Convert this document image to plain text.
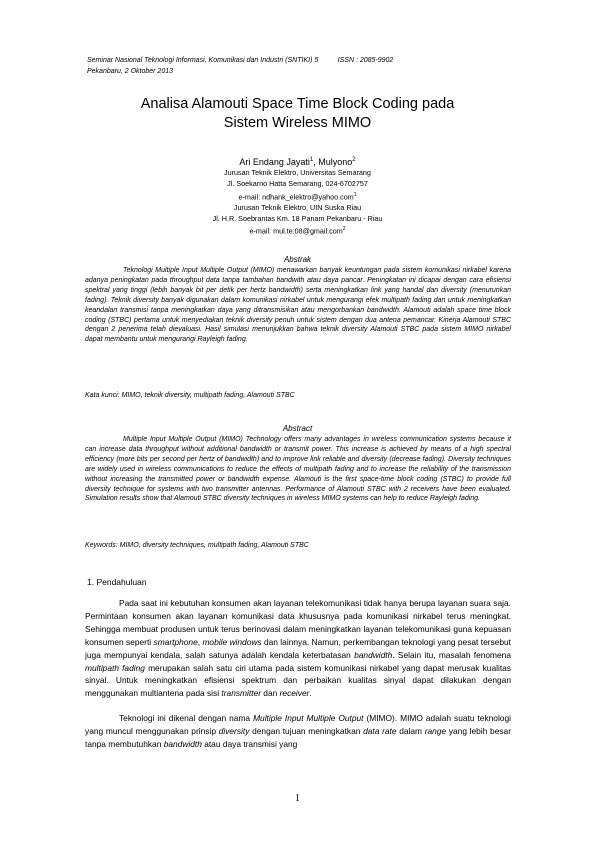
Seminar Nasional Teknologi Informasi, Komunikasi dan Industri (SNTIKI) 5          ISSN : 2085-9902
Pekanbaru, 2 Oktober 2013
Analisa Alamouti Space Time Block Coding pada
Sistem Wireless MIMO
Ari Endang Jayati$^1$, Mulyono$^2$
Jurusan Teknik Elektro, Universitas Semarang
Jl. Soekarno Hatta Semarang, 024-6702757
e-mail: ndhank_elektro@yahoo.com$^1$
Jurusan Teknik Elektro, UIN Suska Riau
Jl. H.R. Soebrantas Km. 18 Panam Pekanbaru - Riau
e-mail: mul.te.08@gmail.com$^2$
Abstrak

Teknologi Multiple Input Multiple Output (MIMO) menawarkan banyak keuntungan pada sistem komunikasi nirkabel karena adanya peningkatan pada throughput data tanpa tambahan bandwith atau daya pancar. Peningkatan ini dicapai dengan cara efisiensi spektral yang tinggi (lebih banyak bit per detik per hertz bandwidth) serta meningkatkan link yang handal dan diversity (menurunkan fading). Teknik diversity banyak digunakan dalam komunikasi nirkabel untuk mengurangi efek multipath fading dan untuk meningkatkan keandalan transmisi tanpa meningkatkan daya yang ditransmisikan atau mengorbankan bandwidth. Alamouti adalah space time block coding (STBC) pertama untuk menyediakan teknik diversity penuh untuk sistem dengan dua antena pemancar. Kinerja Alamouti STBC dengan 2 penerima telah dievaluasi. Hasil simulasi menunjukkan bahwa teknik diversity Alamouti STBC pada sistem MIMO nirkabel dapat membantu untuk mengurangi Rayleigh fading.

Kata kunci: MIMO, teknik diversity, multipath fading, Alamouti STBC
Abstract

Multiple Input Multiple Output (MIMO) Technology offers many advantages in wireless communication systems because it can increase data throughput without additional bandwidth or transmit power. This increase is achieved by means of a high spectral efficiency (more bits per second per hertz of bandwidth) and to improve link reliable and diversity (decrease fading). Diversity techniques are widely used in wireless communications to reduce the effects of multipath fading and to increase the reliability of the transmission without increasing the transmitted power or bandwidth expense. Alamouti is the first space-time block coding (STBC) to provide full diversity technique for systems with two transmitter antennas. Performance of Alamouti STBC with 2 receivers have been evaluated. Simulation results show that Alamouti STBC diversity techniques in wireless MIMO systems can help to reduce Rayleigh fading.

Keywords: MIMO, diversity techniques, multipath fading, Alamouti STBC
1. Pendahuluan

Pada saat ini kebutuhan konsumen akan layanan telekomunikasi tidak hanya berupa layanan suara saja. Permintaan konsumen akan layanan komunikasi data khususnya pada komunikasi nirkabel terus meningkat. Sehingga membuat produsen untuk terus berinovasi dalam meningkatkan layanan telekomunikasi guna kepuasan konsumen seperti smartphone, mobile windows dan lainnya. Namun, perkembangan teknologi yang pesat tersebut juga mempunyai kendala, salah satunya adalah kendala keterbatasan bandwidth. Selain itu, masalah fenomena multipath fading merupakan salah satu ciri utama pada sistem komunikasi nirkabel yang dapat merusak kualitas sinyal. Untuk meningkatkan efisiensi spektrum dan perbaikan kualitas sinyal dapat dilakukan dengan menggunakan multiantena pada sisi transmitter dan receiver.

Teknologi ini dikenal dengan nama Multiple Input Multiple Output (MIMO). MIMO adalah suatu teknologi yang muncul menggunakan prinsip diversity dengan tujuan meningkatkan data rate dalam range yang lebih besar tanpa membutuhkan bandwidth atau daya transmisi yang

1
